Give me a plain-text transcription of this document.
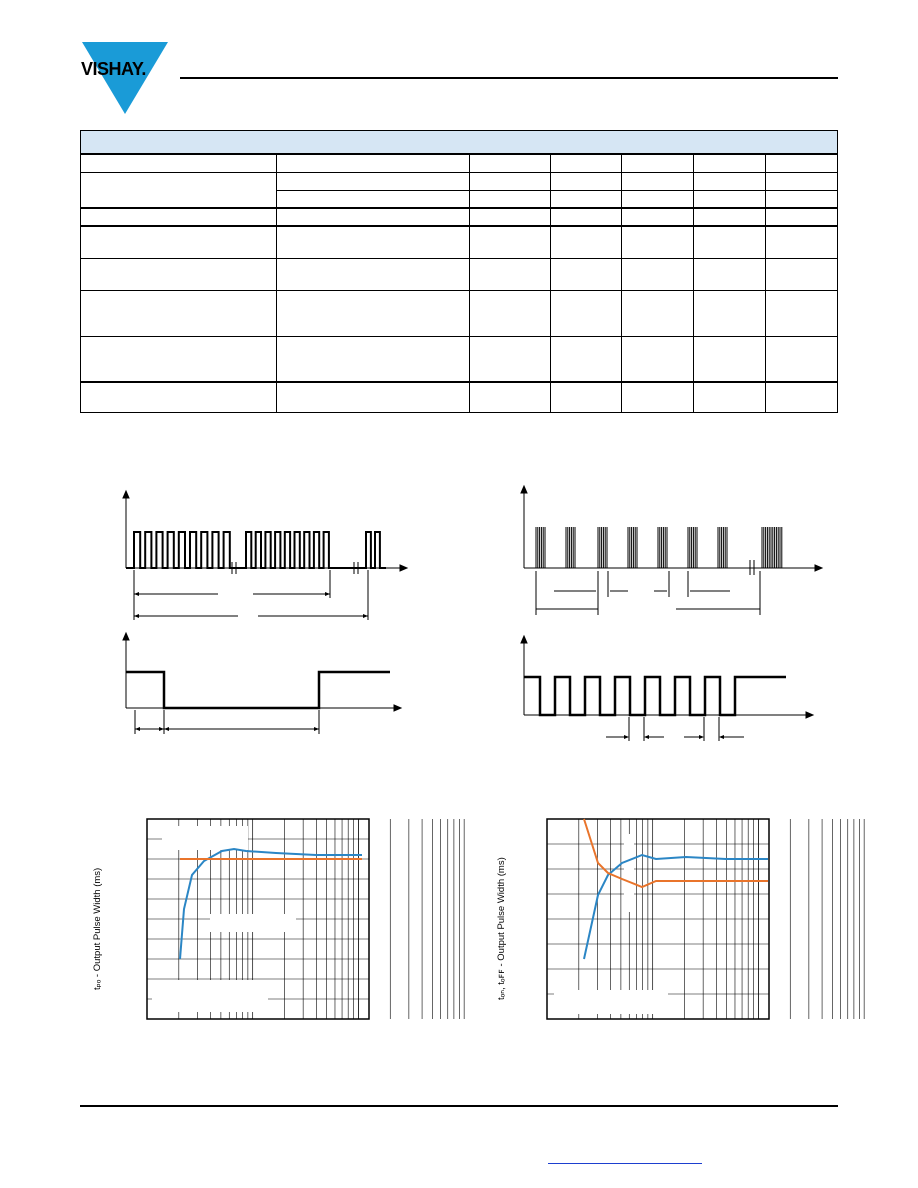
VISHAY.

tₚₒ - Output Pulse Width (ms)	tₒₙ, tₒꜰꜰ - Output Pulse Width (ms)
